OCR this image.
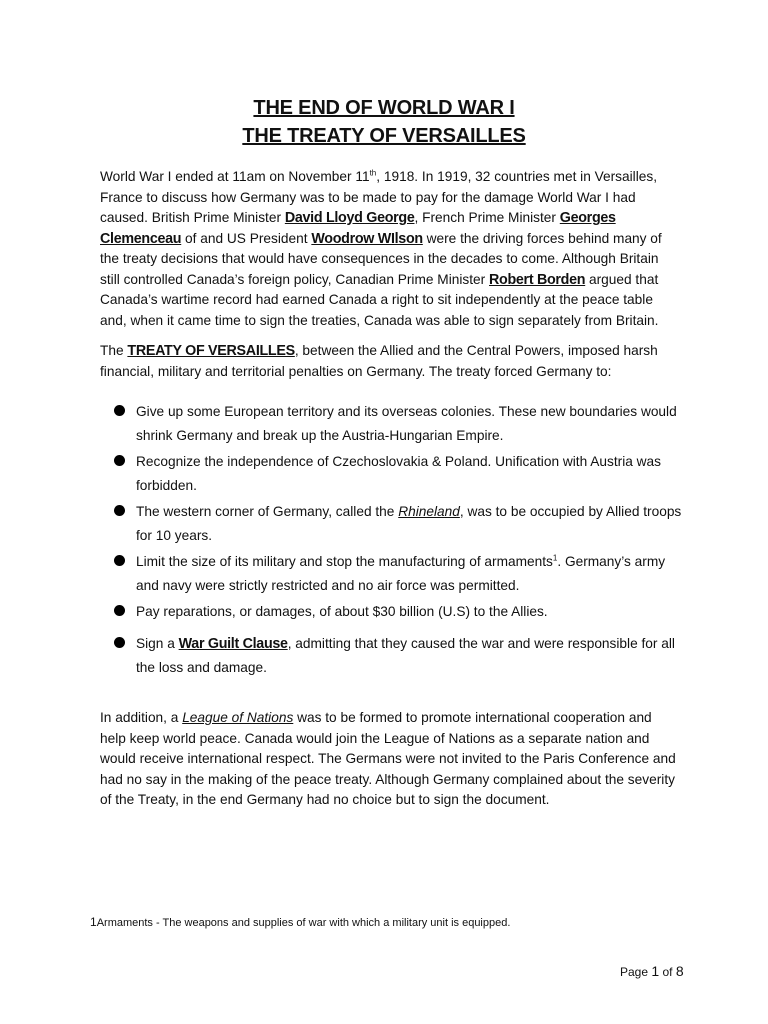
THE END OF WORLD WAR I
THE TREATY OF VERSAILLES

World War I ended at 11am on November 11th, 1918. In 1919, 32 countries met in Versailles, France to discuss how Germany was to be made to pay for the damage World War I had caused. British Prime Minister David Lloyd George, French Prime Minister Georges Clemenceau of and US President Woodrow WIlson were the driving forces behind many of the treaty decisions that would have consequences in the decades to come. Although Britain still controlled Canada’s foreign policy, Canadian Prime Minister Robert Borden argued that Canada’s wartime record had earned Canada a right to sit independently at the peace table and, when it came time to sign the treaties, Canada was able to sign separately from Britain.

The TREATY OF VERSAILLES, between the Allied and the Central Powers, imposed harsh financial, military and territorial penalties on Germany. The treaty forced Germany to:

Give up some European territory and its overseas colonies. These new boundaries would shrink Germany and break up the Austria-Hungarian Empire.
Recognize the independence of Czechoslovakia & Poland. Unification with Austria was forbidden.
The western corner of Germany, called the Rhineland, was to be occupied by Allied troops for 10 years.
Limit the size of its military and stop the manufacturing of armaments$^1$. Germany’s army and navy were strictly restricted and no air force was permitted.
Pay reparations, or damages, of about $30 billion (U.S) to the Allies.
Sign a War Guilt Clause, admitting that they caused the war and were responsible for all the loss and damage.

In addition, a League of Nations was to be formed to promote international cooperation and help keep world peace. Canada would join the League of Nations as a separate nation and would receive international respect. The Germans were not invited to the Paris Conference and had no say in the making of the peace treaty. Although Germany complained about the severity of the Treaty, in the end Germany had no choice but to sign the document.

1Armaments - The weapons and supplies of war with which a military unit is equipped.
Page 1 of 8
